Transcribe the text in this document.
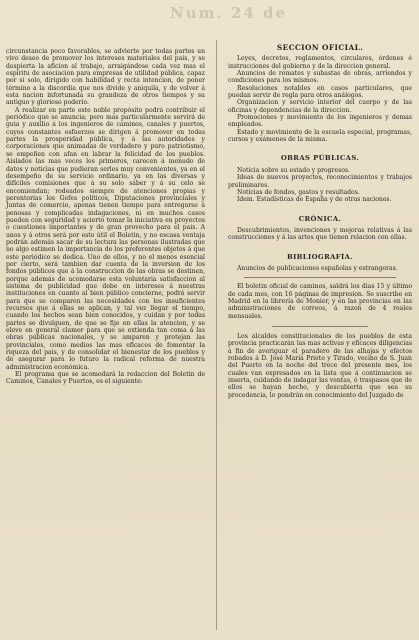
Num. 24 de

circunstancia poco favorables, se advierte por todas partes un vivo deseo de promover los intereses materiales del pais, y se despierta la aficion al trabajo, arraigándose cada vez mas el espíritu de asociacion para empresas de utilidad pública, capaz por sí solo, dirigido con habilidad y recta intencion, de poner término a la discordia que nos divide y aniquila, y de volver á esta nacion infortunada su grandeza de otros tiempos y su antiguo y glorioso poderío.

A realizar en parte este noble propósito podrá contribuir el periódico que se anuncia; pero mas particularmente servirá de guia y auxilio á los ingenieros de caminos, canales y puertos, cuyos constantes esfuerzos se dirigen á promover en todas partes la prosperidad pública, y á las autoridades y corporaciones que animadas de verdadero y puro patriotismo, se empeñen con afan en labrar la felicidad de los pueblos. Aislados las mas veces los primeros, carecen á menudo de datos y noticias que pudieran serles muy convenientes, ya en el desempeño de su servicio ordinario, ya en las diversas y difíciles comisiones que á su solo saber y á su celo se encomiendan; rodeados siempre de atenciones propias y perentorias los Gefes políticos, Diputaciones provinciales y Juntas de comercio, apenas tienen tiempo para entregarse á penosas y complicadas indagaciones, ni en muchos casos pueden con seguridad y acierto tomar la iniciativa en proyectos o cuestiones importantes y de gran provecho para el pais. A unos y á otros será por esto útil el Boletin, y no escasa ventaja podrán además sacar de su lectura las personas ilustradas que no algo estimen la importancia de los preferentes objetos á que este periódico se dedica. Uno de ellos, y no el menos esencial por cierto, será tambien dar cuenta de la inversion de los fondos públicos que á la construccion de las obras se destinen, porque además de acomodarse esta voluntaria satisfaccion al sistema de publicidad que debe en intereses á nuestras instituciones en cuanto al bien público concierne, podrá servir para que se comparen las necesidades con los insuficientes recursos que á ellas se aplican, y tal vez llegar el tiempo, cuando los hechos sean bien conocidos, y cuidan y por todas partes se divulguen, de que se fije en ellas la atencion, y se eleve en general clamor para que se extienda tan coma á las obras públicas nacionales, y se amparen y protejan las provinciales, como medios las mas eficaces de fomentar la riqueza del pais, y de consolidar el bienestar de los pueblos y de asegurar para lo futuro la radical reforma de nuestra administracion económica.

El programa que se acomodará la redaccion del Boletin de Caminos, Canales y Puertos, es el siguiente:

SECCION OFICIAL.

Leyes, decretos, reglamentos, circulares, órdenes é instrucciones del gobierno y de la direccion general.

Anuncios de remates y subastas de obras, arriendos y condiciones para los mismos.

Resoluciones notables en casos particulares, que puedan servir de regla para otros análogos.

Organizacion y servicio interior del cuerpo y de las oficinas y dependencias de la direccion.

Promociones y movimiento de los ingenieros y demas empleados.

Estado y movimiento de la escuela especial, programas, cursos y exámenes de la misma.

OBRAS PÚBLICAS.

Noticia sobre su estado y progresos.

Ideas de nuevos proyectos, reconocimientos y trabajos preliminares.

Noticias de fondos, gastos y resultados.

Idem. Estadísticas de España y de otras naciones.

CRÓNICA.

Descubrimientos, invenciones y mejoras relativas á las construcciones y á las artes que tienen relacion con ellas.

BIBLIOGRAFÍA.

Anuncios de publicaciones españolas y estrangeras.

El boletin oficial de caminos, saldrá los dias 15 y último de cada mes, con 16 páginas de impresion. Se suscribe en Madrid en la librería de Monier, y en las provincias en las administraciones de correos, á razon de 4 reales mensuales.

Los alcaldes constitucionales de los pueblos de esta provincia practicarán las mas activas y eficaces diligencias á fin de averiguar el paradero de las alhajas y efectos robados á D. José María Prieto y Tirado, vecino de S. Juan del Puerto en la noche del trece del presente mes, los cuales van expresados en la lista que á continuacion se inserta, cuidando de indagar las ventas, ó traspasos que de ellos se hayan hecho, y descubierta que sea su procedencia, lo pondrán en conocimiento del Juzgado de
